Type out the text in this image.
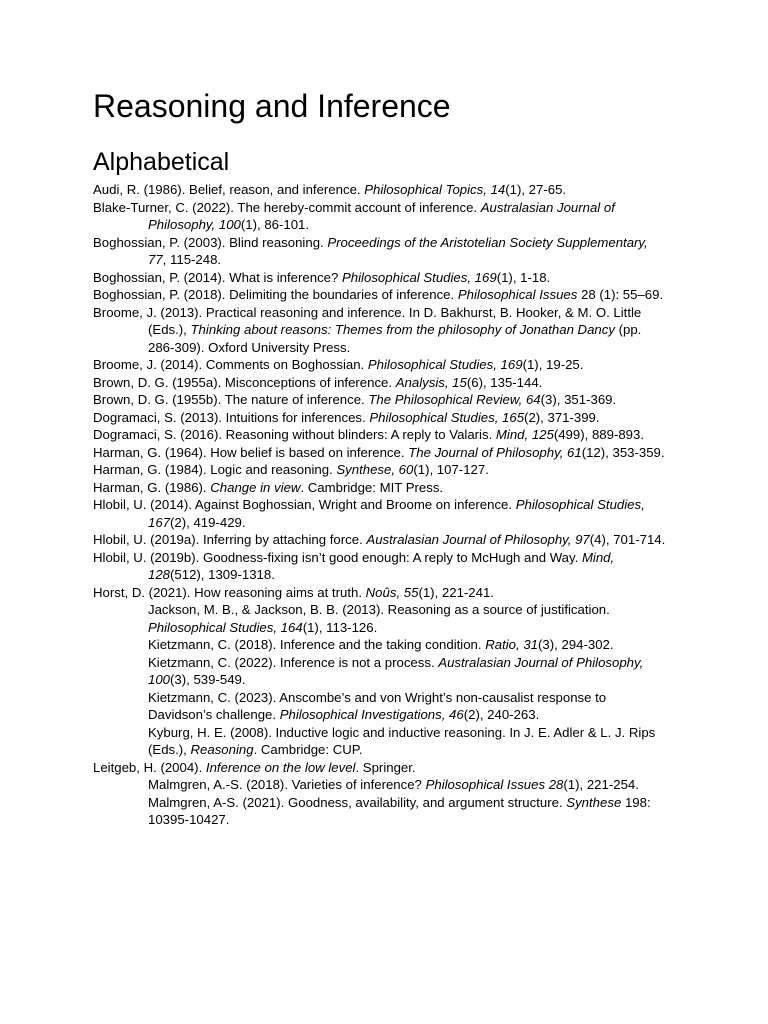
Reasoning and Inference
Alphabetical

Audi, R. (1986). Belief, reason, and inference. Philosophical Topics, 14(1), 27-65.

Blake-Turner, C. (2022). The hereby-commit account of inference. Australasian Journal of Philosophy, 100(1), 86-101.

Boghossian, P. (2003). Blind reasoning. Proceedings of the Aristotelian Society Supplementary, 77, 115-248.

Boghossian, P. (2014). What is inference? Philosophical Studies, 169(1), 1-18.

Boghossian, P. (2018). Delimiting the boundaries of inference. Philosophical Issues 28 (1): 55–69.

Broome, J. (2013). Practical reasoning and inference. In D. Bakhurst, B. Hooker, & M. O. Little (Eds.), Thinking about reasons: Themes from the philosophy of Jonathan Dancy (pp. 286-309). Oxford University Press.

Broome, J. (2014). Comments on Boghossian. Philosophical Studies, 169(1), 19-25.

Brown, D. G. (1955a). Misconceptions of inference. Analysis, 15(6), 135-144.

Brown, D. G. (1955b). The nature of inference. The Philosophical Review, 64(3), 351-369.

Dogramaci, S. (2013). Intuitions for inferences. Philosophical Studies, 165(2), 371-399.

Dogramaci, S. (2016). Reasoning without blinders: A reply to Valaris. Mind, 125(499), 889-893.

Harman, G. (1964). How belief is based on inference. The Journal of Philosophy, 61(12), 353-359.

Harman, G. (1984). Logic and reasoning. Synthese, 60(1), 107-127.

Harman, G. (1986). Change in view. Cambridge: MIT Press.

Hlobil, U. (2014). Against Boghossian, Wright and Broome on inference. Philosophical Studies, 167(2), 419-429.

Hlobil, U. (2019a). Inferring by attaching force. Australasian Journal of Philosophy, 97(4), 701-714.

Hlobil, U. (2019b). Goodness-fixing isn’t good enough: A reply to McHugh and Way. Mind, 128(512), 1309-1318.

Horst, D. (2021). How reasoning aims at truth. Noûs, 55(1), 221-241.

Jackson, M. B., & Jackson, B. B. (2013). Reasoning as a source of justification. Philosophical Studies, 164(1), 113-126.

Kietzmann, C. (2018). Inference and the taking condition. Ratio, 31(3), 294-302.

Kietzmann, C. (2022). Inference is not a process. Australasian Journal of Philosophy, 100(3), 539-549.

Kietzmann, C. (2023). Anscombe’s and von Wright’s non-causalist response to Davidson’s challenge. Philosophical Investigations, 46(2), 240-263.

Kyburg, H. E. (2008). Inductive logic and inductive reasoning. In J. E. Adler & L. J. Rips (Eds.), Reasoning. Cambridge: CUP.

Leitgeb, H. (2004). Inference on the low level. Springer.

Malmgren, A.-S. (2018). Varieties of inference? Philosophical Issues 28(1), 221-254.

Malmgren, A-S. (2021). Goodness, availability, and argument structure. Synthese 198: 10395-10427.
